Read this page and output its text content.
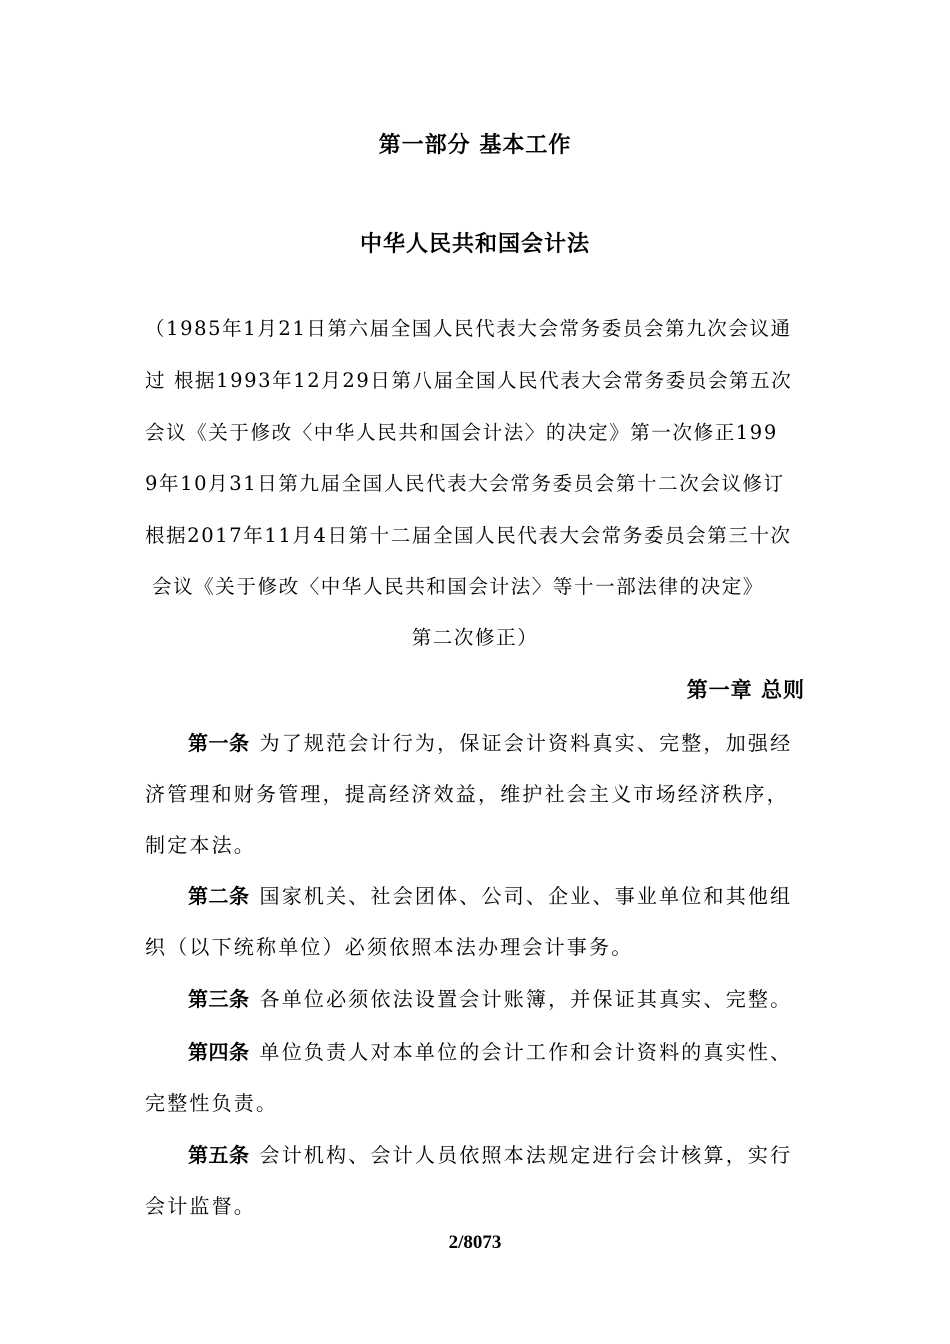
第一部分 基本工作
中华人民共和国会计法
（1985年1月21日第六届全国人民代表大会常务委员会第九次会议通
过 根据1993年12月29日第八届全国人民代表大会常务委员会第五次
会议《关于修改〈中华人民共和国会计法〉的决定》第一次修正199
9年10月31日第九届全国人民代表大会常务委员会第十二次会议修订
根据2017年11月4日第十二届全国人民代表大会常务委员会第三十次
会议《关于修改〈中华人民共和国会计法〉等十一部法律的决定》
第二次修正）
第一章 总则
第一条 为了规范会计行为，保证会计资料真实、完整，加强经
济管理和财务管理，提高经济效益，维护社会主义市场经济秩序，
制定本法。
第二条 国家机关、社会团体、公司、企业、事业单位和其他组
织（以下统称单位）必须依照本法办理会计事务。
第三条 各单位必须依法设置会计账簿，并保证其真实、完整。
第四条 单位负责人对本单位的会计工作和会计资料的真实性、
完整性负责。
第五条 会计机构、会计人员依照本法规定进行会计核算，实行
会计监督。
2/8073
